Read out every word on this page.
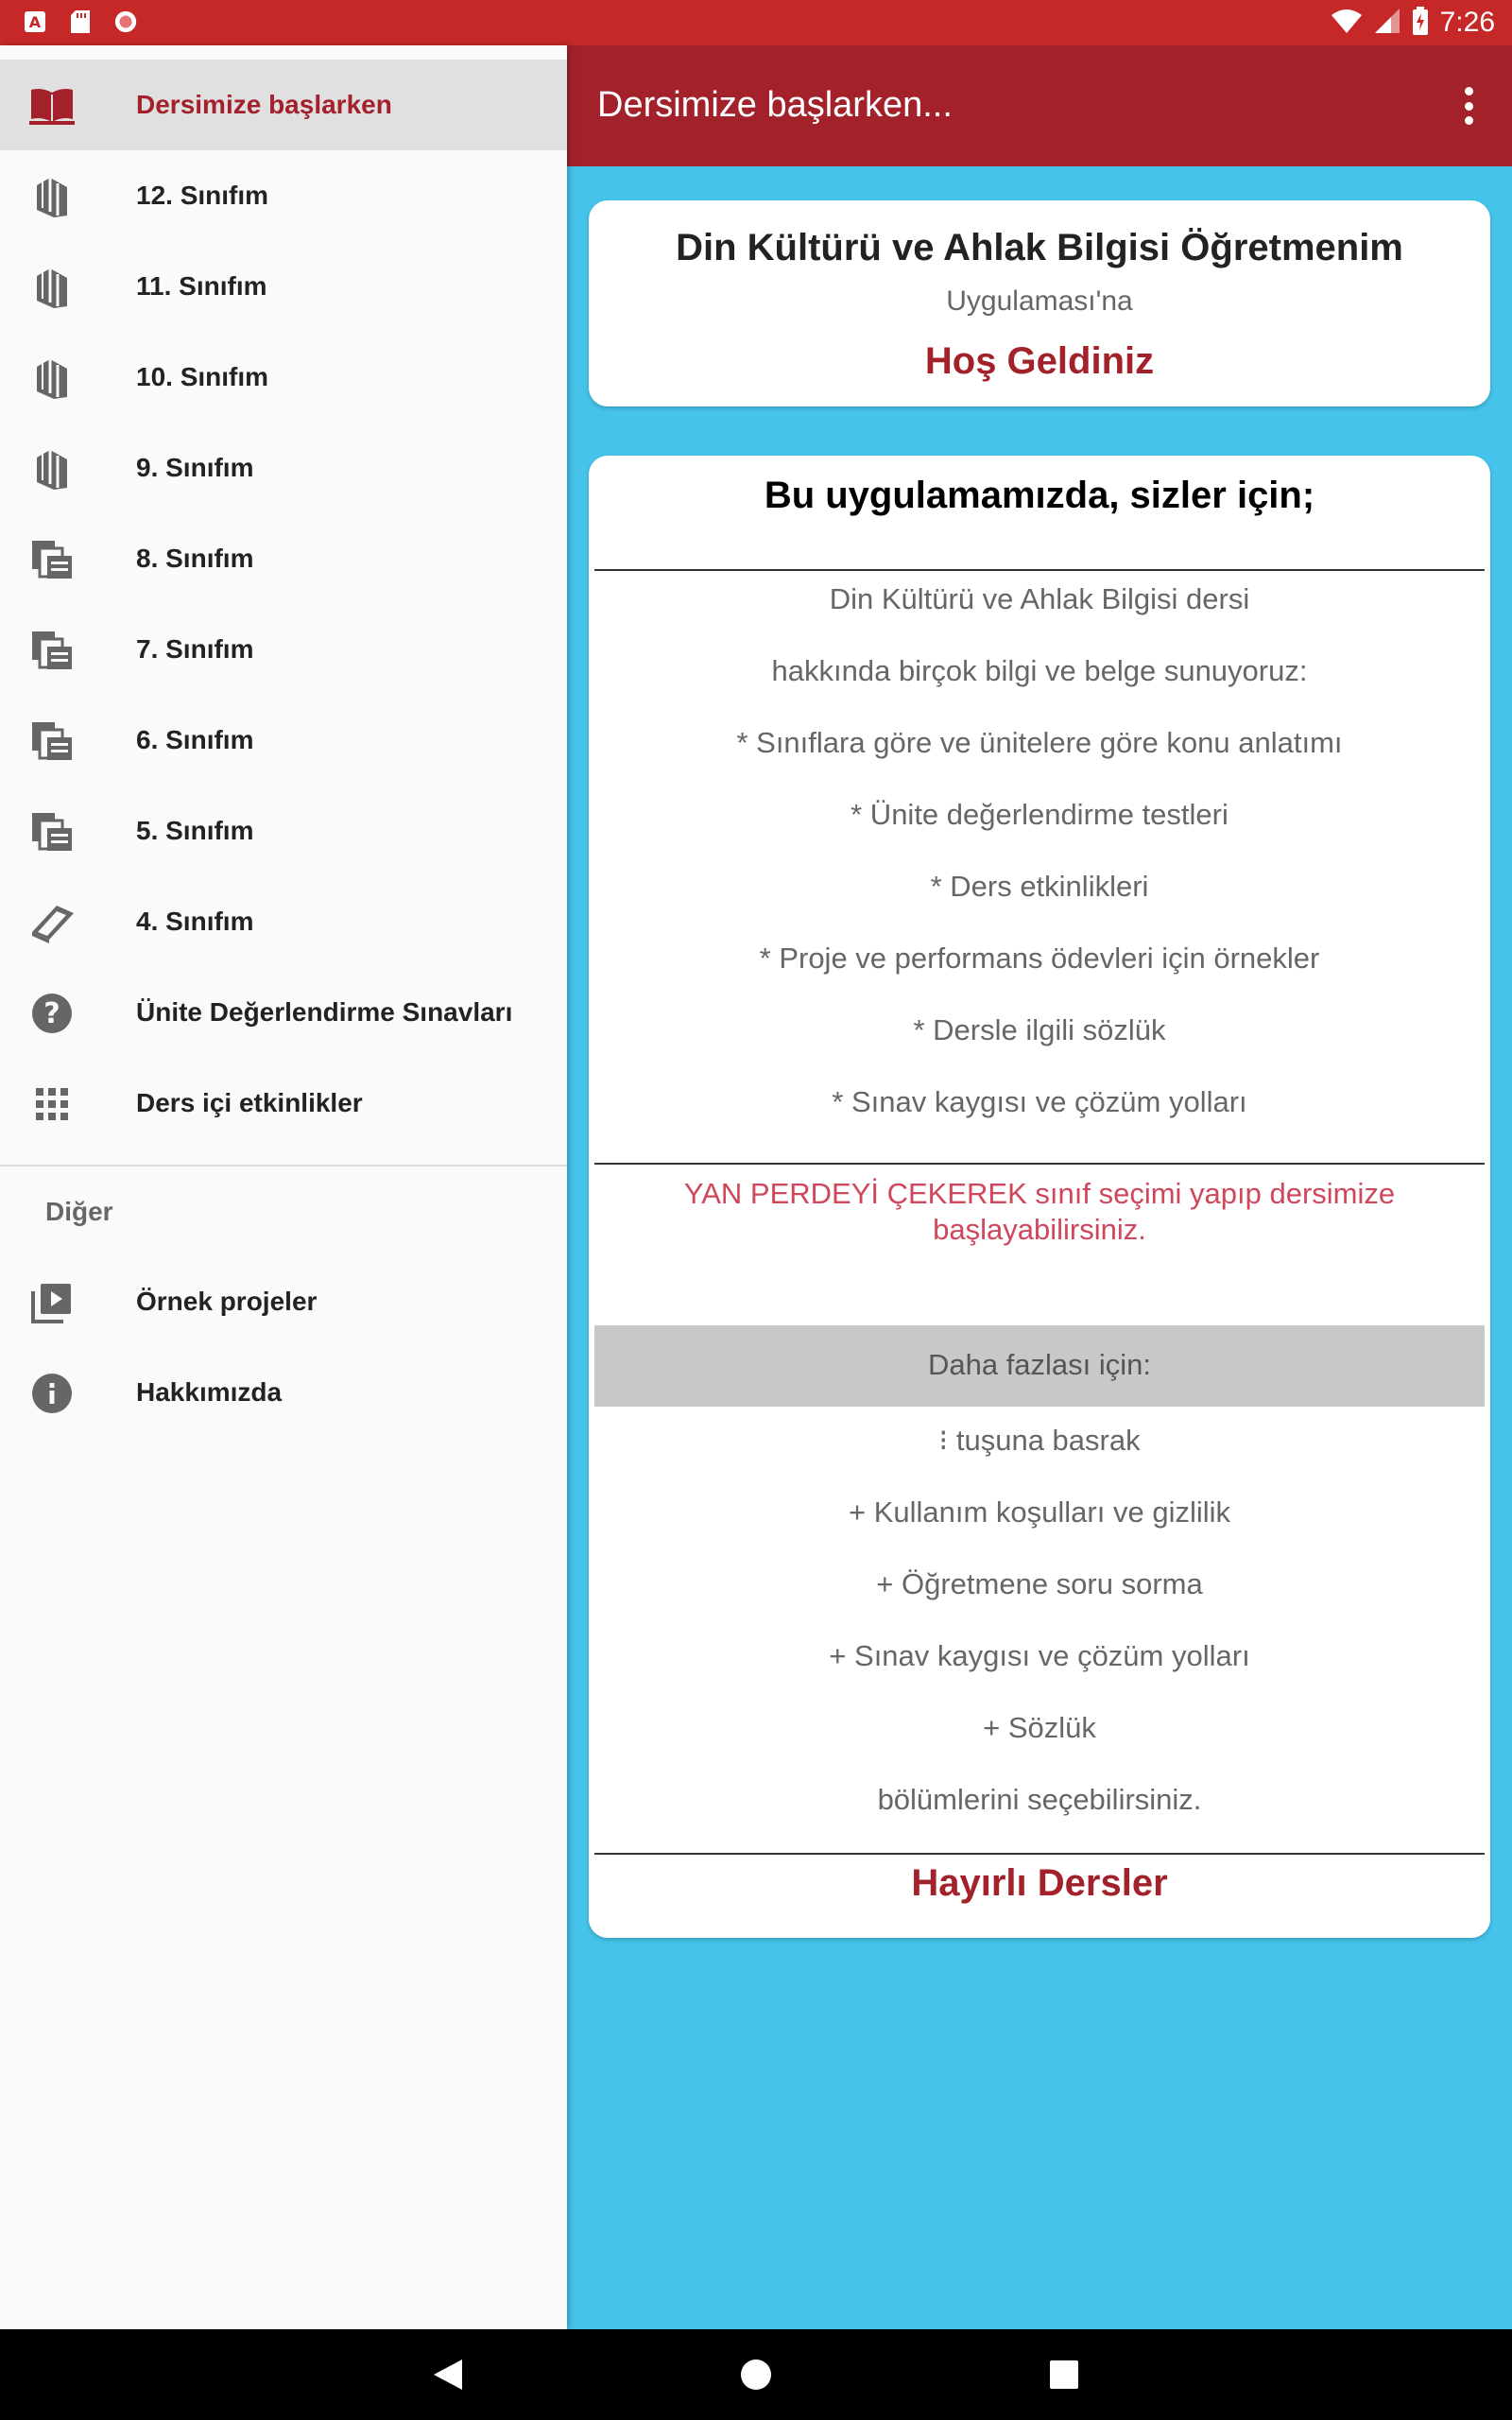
A	7:26
Dersimize başlarken...
Din Kültürü ve Ahlak Bilgisi Öğretmenim
Uygulaması'na
Hoş Geldiniz
Bu uygulamamızda, sizler için;
Din Kültürü ve Ahlak Bilgisi dersi
hakkında birçok bilgi ve belge sunuyoruz:
* Sınıflara göre ve ünitelere göre konu anlatımı
* Ünite değerlendirme testleri
* Ders etkinlikleri
* Proje ve performans ödevleri için örnekler
* Dersle ilgili sözlük
* Sınav kaygısı ve çözüm yolları
YAN PERDEYİ ÇEKEREK sınıf seçimi yapıp dersimize başlayabilirsiniz.
Daha fazlası için:
⁝ tuşuna basrak
+ Kullanım koşulları ve gizlilik
+ Öğretmene soru sorma
+ Sınav kaygısı ve çözüm yolları
+ Sözlük
bölümlerini seçebilirsiniz.
Hayırlı Dersler
Dersimize başlarken
12. Sınıfım
11. Sınıfım
10. Sınıfım
9. Sınıfım
8. Sınıfım
7. Sınıfım
6. Sınıfım
5. Sınıfım
4. Sınıfım
?	Ünite Değerlendirme Sınavları
Ders içi etkinlikler
Diğer
Örnek projeler
Hakkımızda
